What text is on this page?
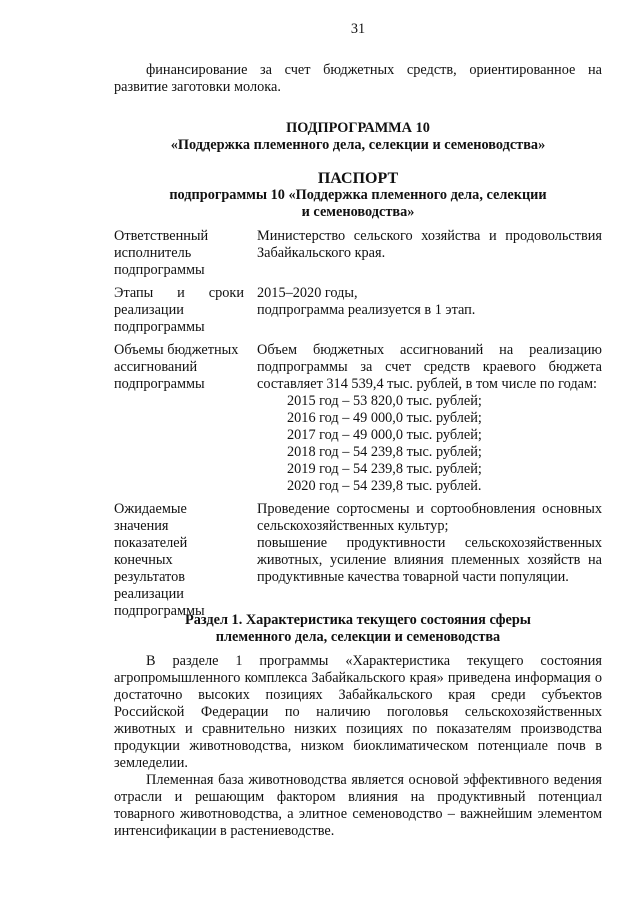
31

финансирование за счет бюджетных средств, ориентированное на развитие заготовки молока.

ПОДПРОГРАММА 10
«Поддержка племенного дела, селекции и семеноводства»
ПАСПОРТ
подпрограммы 10 «Поддержка племенного дела, селекции
и семеноводства»
Ответственный исполнитель подпрограммы
Министерство сельского хозяйства и продовольствия Забайкальского края.
Этапы и сроки реализации подпрограммы
2015–2020 годы,
подпрограмма реализуется в 1 этап.
Объемы бюджетных ассигнований подпрограммы
Объем бюджетных ассигнований на реализацию подпрограммы за счет средств краевого бюджета составляет 314 539,4 тыс. рублей, в том числе по годам:
2015 год – 53 820,0 тыс. рублей;
2016 год – 49 000,0 тыс. рублей;
2017 год – 49 000,0 тыс. рублей;
2018 год – 54 239,8 тыс. рублей;
2019 год – 54 239,8 тыс. рублей;
2020 год – 54 239,8 тыс. рублей.
Ожидаемые значения показателей конечных результатов реализации подпрограммы
Проведение сортосмены и сортообновления основных сельскохозяйственных культур;
повышение продуктивности сельскохозяйственных животных, усиление влияния племенных хозяйств на продуктивные качества товарной части популяции.
Раздел 1. Характеристика текущего состояния сферы
племенного дела, селекции и семеноводства

В разделе 1 программы «Характеристика текущего состояния агропромышленного комплекса Забайкальского края» приведена информация о достаточно высоких позициях Забайкальского края среди субъектов Российской Федерации по наличию поголовья сельскохозяйственных животных и сравнительно низких позициях по показателям производства продукции животноводства, низком биоклиматическом потенциале почв в земледелии.

Племенная база животноводства является основой эффективного ведения отрасли и решающим фактором влияния на продуктивный потенциал товарного животноводства, а элитное семеноводство – важнейшим элементом интенсификации в растениеводстве.
